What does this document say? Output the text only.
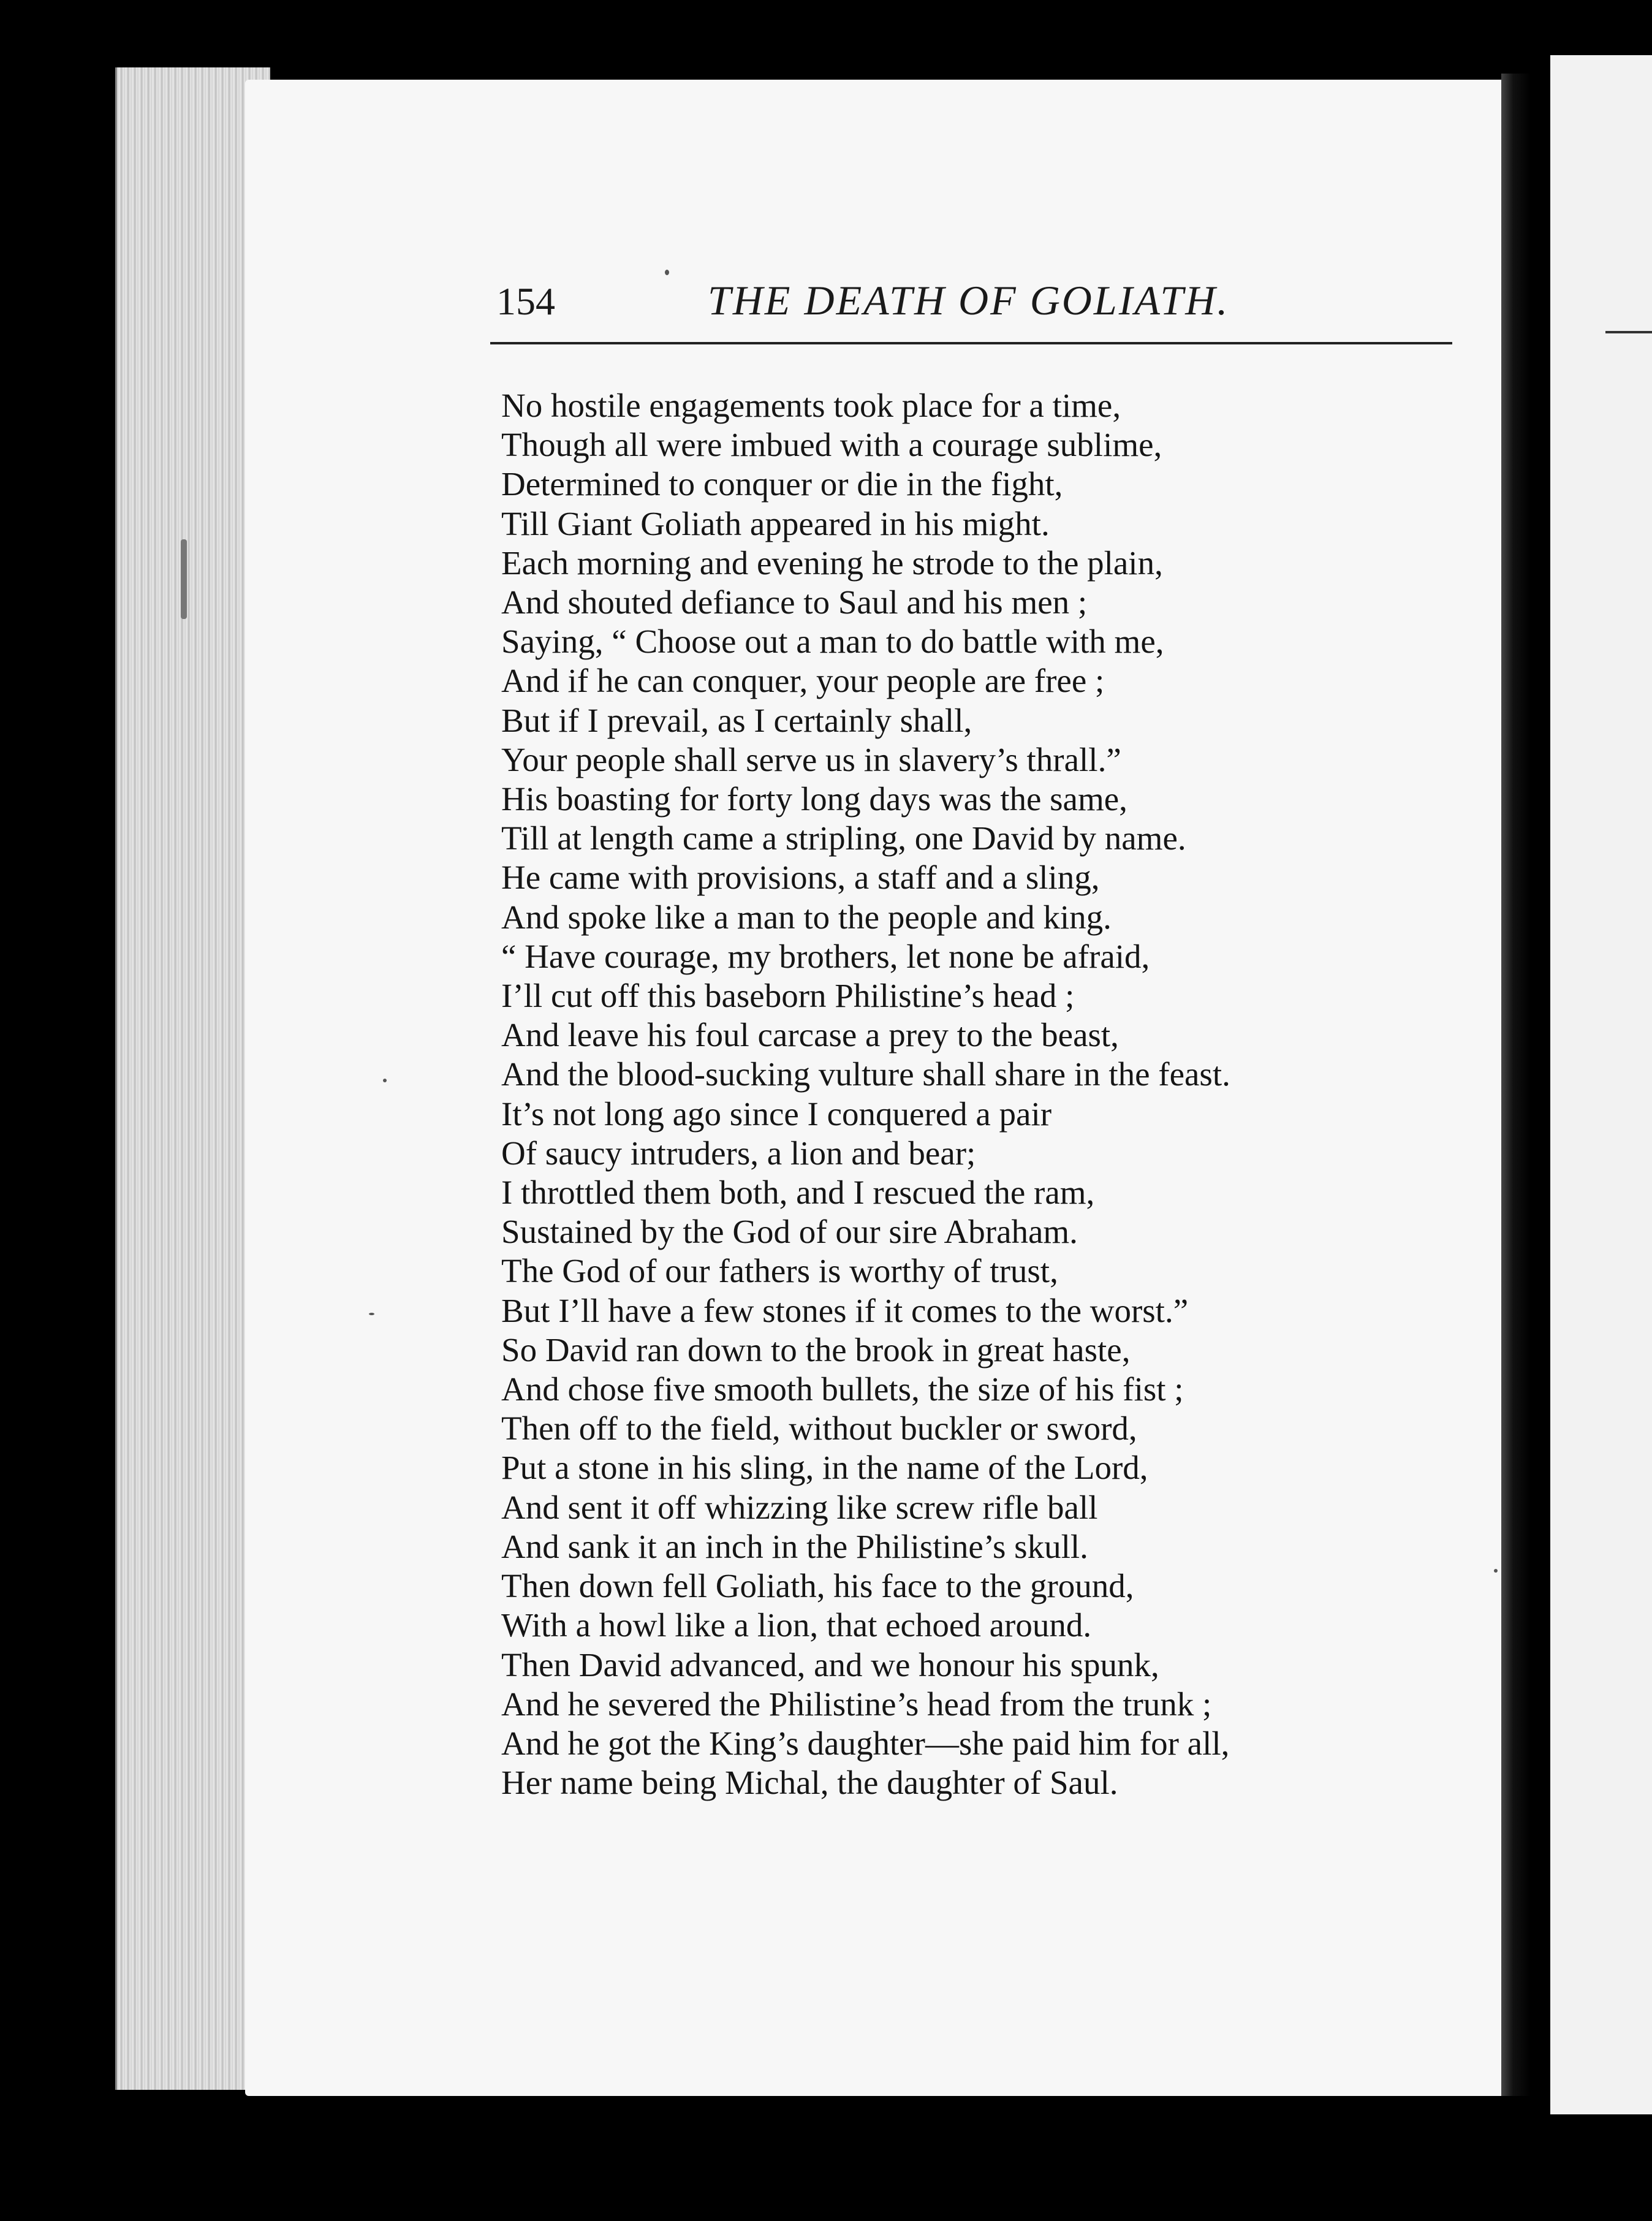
154	THE DEATH OF GOLIATH.
No hostile engagements took place for a time,
Though all were imbued with a courage sublime,
Determined to conquer or die in the fight,
Till Giant Goliath appeared in his might.
Each morning and evening he strode to the plain,
And shouted defiance to Saul and his men ;
Saying, “ Choose out a man to do battle with me,
And if he can conquer, your people are free ;
But if I prevail, as I certainly shall,
Your people shall serve us in slavery’s thrall.”
His boasting for forty long days was the same,
Till at length came a stripling, one David by name.
He came with provisions, a staff and a sling,
And spoke like a man to the people and king.
“ Have courage, my brothers, let none be afraid,
I’ll cut off this baseborn Philistine’s head ;
And leave his foul carcase a prey to the beast,
And the blood-sucking vulture shall share in the feast.
It’s not long ago since I conquered a pair
Of saucy intruders, a lion and bear;
I throttled them both, and I rescued the ram,
Sustained by the God of our sire Abraham.
The God of our fathers is worthy of trust,
But I’ll have a few stones if it comes to the worst.”
So David ran down to the brook in great haste,
And chose five smooth bullets, the size of his fist ;
Then off to the field, without buckler or sword,
Put a stone in his sling, in the name of the Lord,
And sent it off whizzing like screw rifle ball
And sank it an inch in the Philistine’s skull.
Then down fell Goliath, his face to the ground,
With a howl like a lion, that echoed around.
Then David advanced, and we honour his spunk,
And he severed the Philistine’s head from the trunk ;
And he got the King’s daughter—she paid him for all,
Her name being Michal, the daughter of Saul.
